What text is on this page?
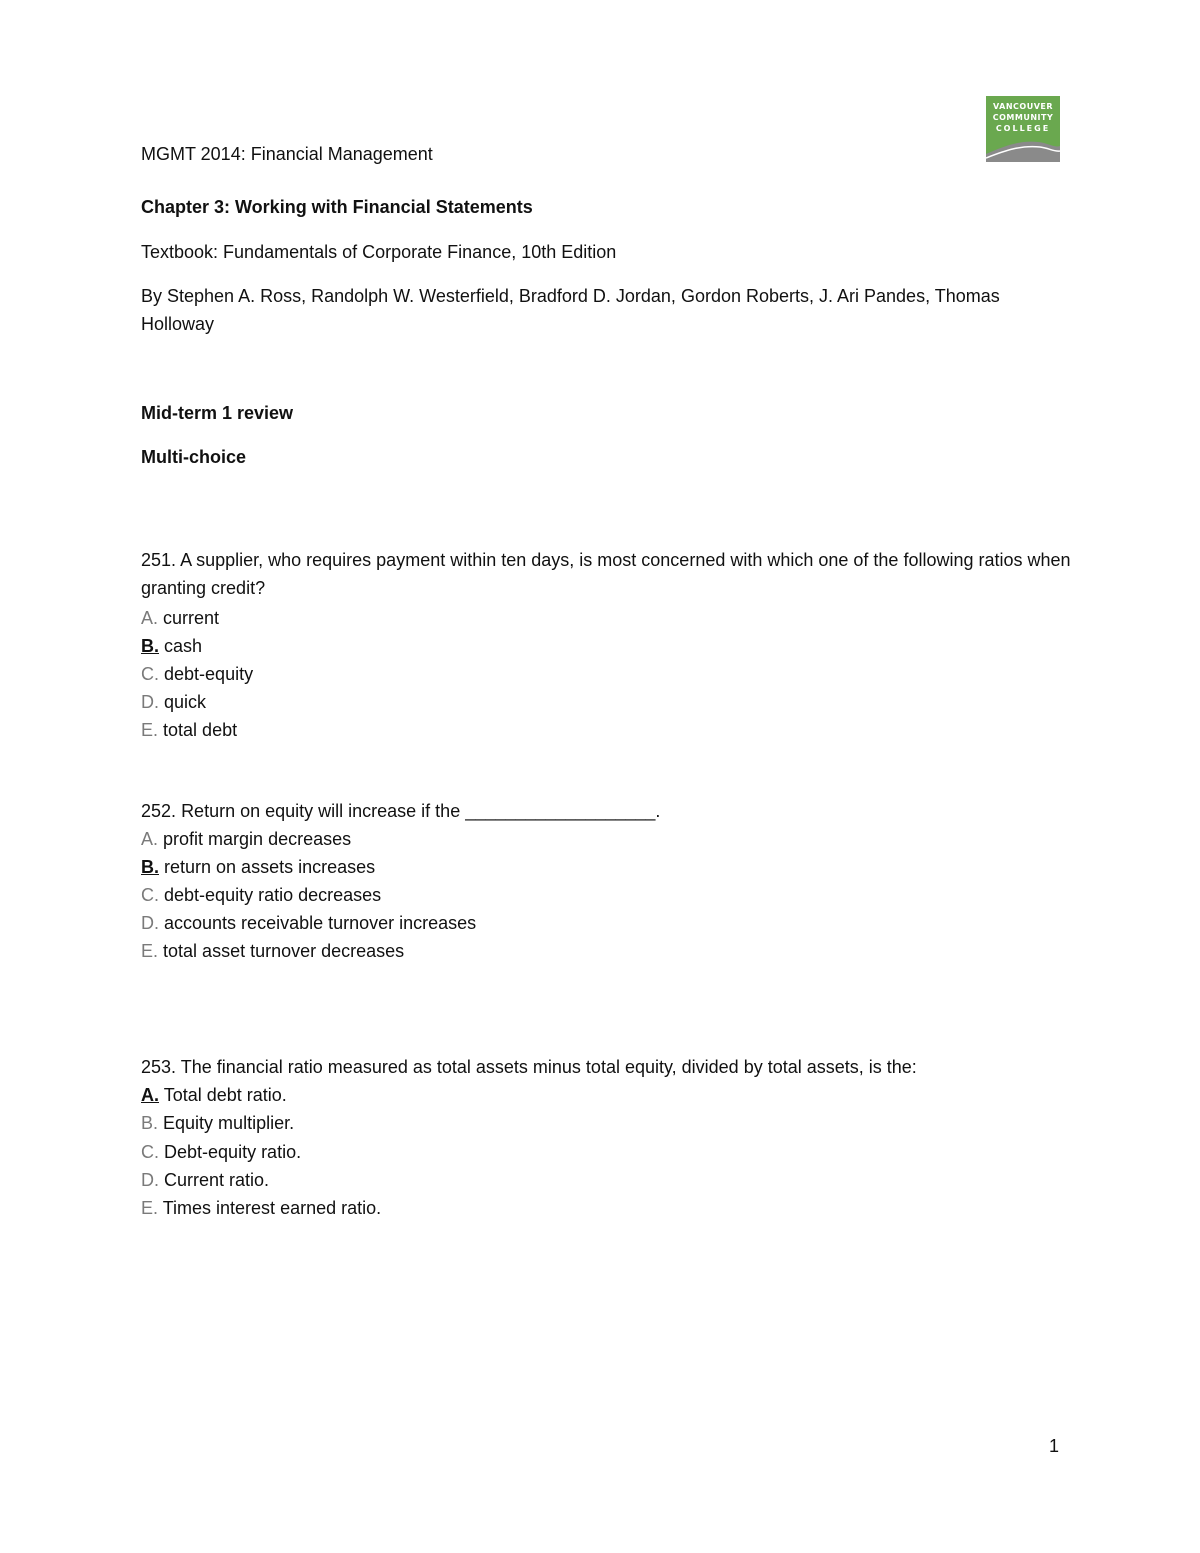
VANCOUVER
COMMUNITY
COLLEGE
MGMT 2014: Financial Management
Chapter 3: Working with Financial Statements
Textbook: Fundamentals of Corporate Finance, 10th Edition
By Stephen A. Ross, Randolph W. Westerfield, Bradford D. Jordan, Gordon Roberts, J. Ari Pandes, Thomas Holloway
Mid-term 1 review
Multi-choice
251. A supplier, who requires payment within ten days, is most concerned with which one of the following ratios when granting credit?
A. current
B. cash
C. debt-equity
D. quick
E. total debt
252. Return on equity will increase if the ___________________.
A. profit margin decreases
B. return on assets increases
C. debt-equity ratio decreases
D. accounts receivable turnover increases
E. total asset turnover decreases
253. The financial ratio measured as total assets minus total equity, divided by total assets, is the:
A. Total debt ratio.
B. Equity multiplier.
C. Debt-equity ratio.
D. Current ratio.
E. Times interest earned ratio.
1
